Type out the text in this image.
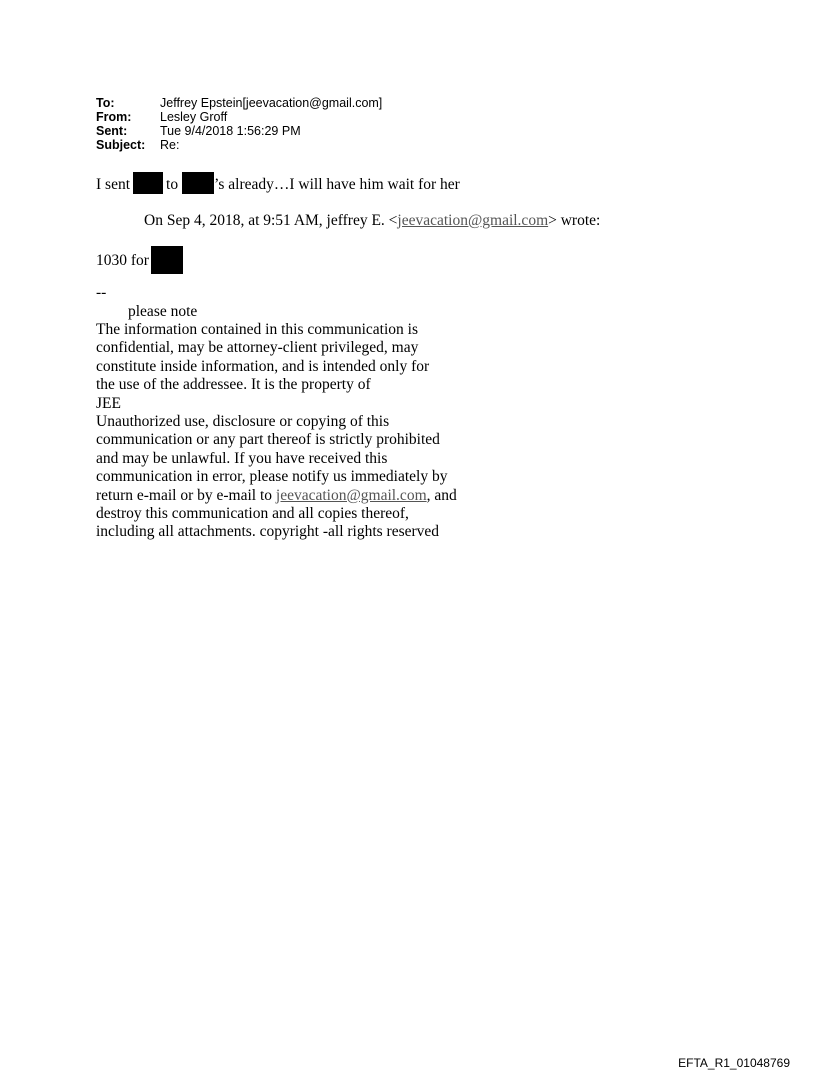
To:	Jeffrey Epstein[jeevacation@gmail.com]
From:	Lesley Groff
Sent:	Tue 9/4/2018 1:56:29 PM
Subject:	Re:
I sent to ’s already…I will have him wait for her
On Sep 4, 2018, at 9:51 AM, jeffrey E. <jeevacation@gmail.com> wrote:
1030 for
--
please note
The information contained in this communication is
confidential, may be attorney-client privileged, may
constitute inside information, and is intended only for
the use of the addressee. It is the property of
JEE
Unauthorized use, disclosure or copying of this
communication or any part thereof is strictly prohibited
and may be unlawful. If you have received this
communication in error, please notify us immediately by
return e-mail or by e-mail to jeevacation@gmail.com, and
destroy this communication and all copies thereof,
including all attachments. copyright -all rights reserved
EFTA_R1_01048769
